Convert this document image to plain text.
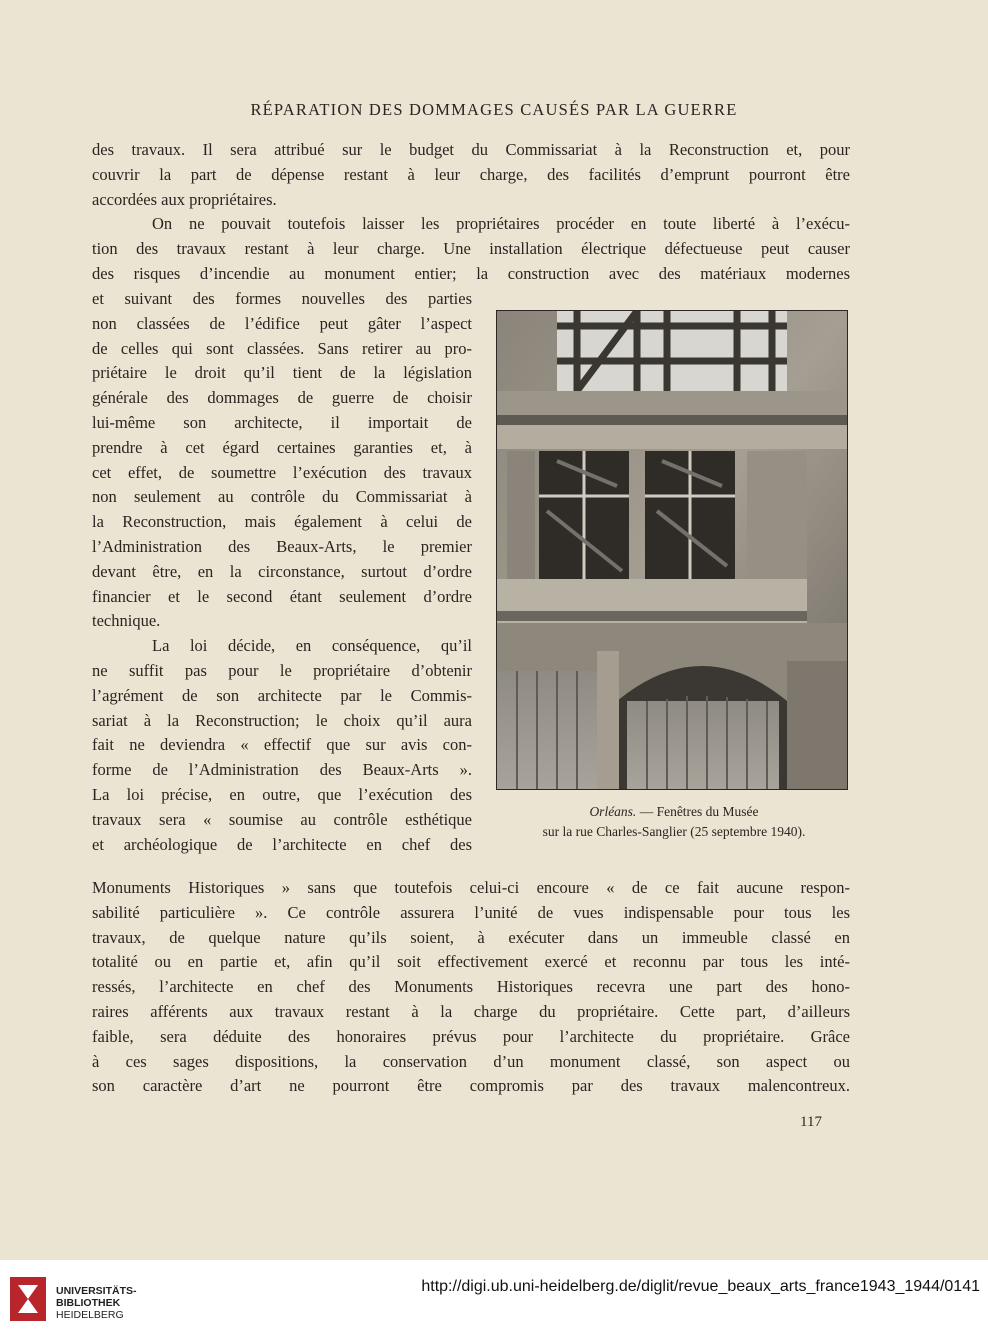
RÉPARATION DES DOMMAGES CAUSÉS PAR LA GUERRE
des travaux. Il sera attribué sur le budget du Commissariat à la Reconstruction et, pour
couvrir la part de dépense restant à leur charge, des facilités d’emprunt pourront être
accordées aux propriétaires.
On ne pouvait toutefois laisser les propriétaires procéder en toute liberté à l’exécu-
tion des travaux restant à leur charge. Une installation électrique défectueuse peut causer
des risques d’incendie au monument entier; la construction avec des matériaux modernes
et suivant des formes nouvelles des parties
non classées de l’édifice peut gâter l’aspect
de celles qui sont classées. Sans retirer au pro-
priétaire le droit qu’il tient de la législation
générale des dommages de guerre de choisir
lui-même son architecte, il importait de
prendre à cet égard certaines garanties et, à
cet effet, de soumettre l’exécution des travaux
non seulement au contrôle du Commissariat à
la Reconstruction, mais également à celui de
l’Administration des Beaux-Arts, le premier
devant être, en la circonstance, surtout d’ordre
financier et le second étant seulement d’ordre
technique.
La loi décide, en conséquence, qu’il
ne suffit pas pour le propriétaire d’obtenir
l’agrément de son architecte par le Commis-
sariat à la Reconstruction; le choix qu’il aura
fait ne deviendra « effectif que sur avis con-
forme de l’Administration des Beaux-Arts ».
La loi précise, en outre, que l’exécution des
travaux sera « soumise au contrôle esthétique
et archéologique de l’architecte en chef des
Orléans. — Fenêtres du Musée
sur la rue Charles-Sanglier (25 septembre 1940).
Monuments Historiques » sans que toutefois celui-ci encoure « de ce fait aucune respon-
sabilité particulière ». Ce contrôle assurera l’unité de vues indispensable pour tous les
travaux, de quelque nature qu’ils soient, à exécuter dans un immeuble classé en
totalité ou en partie et, afin qu’il soit effectivement exercé et reconnu par tous les inté-
ressés, l’architecte en chef des Monuments Historiques recevra une part des hono-
raires afférents aux travaux restant à la charge du propriétaire. Cette part, d’ailleurs
faible, sera déduite des honoraires prévus pour l’architecte du propriétaire. Grâce
à ces sages dispositions, la conservation d’un monument classé, son aspect ou
son caractère d’art ne pourront être compromis par des travaux malencontreux.
117
UNIVERSITÄTS-
BIBLIOTHEK
HEIDELBERG
http://digi.ub.uni-heidelberg.de/diglit/revue_beaux_arts_france1943_1944/0141
